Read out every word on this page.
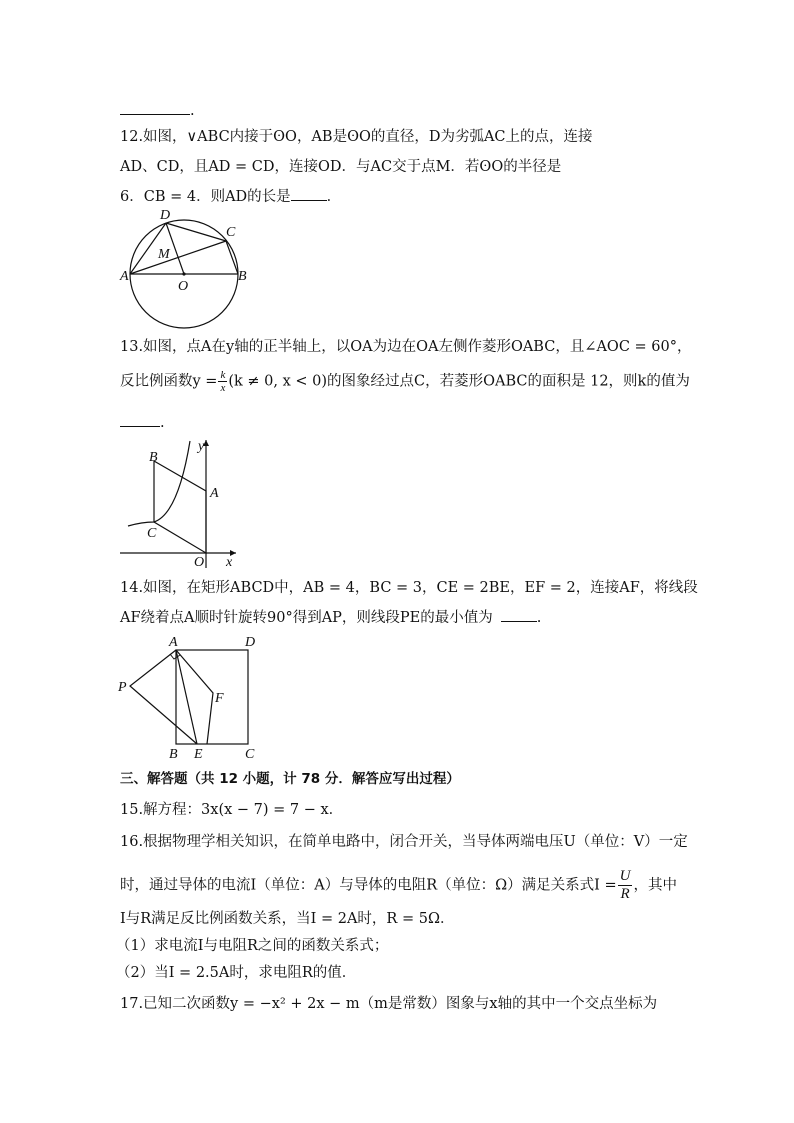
.
12.如图，∨ABC内接于ʘO，AB是ʘO的直径，D为劣弧AC上的点，连接
AD、CD，且AD = CD，连接OD．与AC交于点M．若ʘO的半径是
6．CB = 4．则AD的长是 ．
D
C
M
A
O
B
13.如图，点A在y轴的正半轴上，以OA为边在OA左侧作菱形OABC，且∠AOC = 60°，
反比例函数$y = \frac{k}{x} (k \ne 0$, x < 0)的图象经过点C，若菱形OABC的面积是 12，则k的值为
.
y
B
A
C
O x
14.如图，在矩形ABCD中，AB = 4，BC = 3，CE = 2BE，EF = 2，连接AF，将线段
AF绕着点A顺时针旋转90°得到AP，则线段PE的最小值为	.
A	D
P
F
B E	C
三、解答题（共 12 小题，计 78 分．解答应写出过程）
15.解方程：3x(x − 7) = 7 − x．
16.根据物理学相关知识，在简单电路中，闭合开关，当导体两端电压U（单位：V）一定
时，通过导体的电流I（单位：A）与导体的电阻R（单位：Ω）满足关系式$I = \frac{U}{R}$ ，其中
I与R满足反比例函数关系，当I = 2A时，R = 5Ω．
（1）求电流I与电阻R之间的函数关系式；
（2）当I = 2.5A时，求电阻R的值．
17.已知二次函数y = −x² + 2x − m（m是常数）图象与x轴的其中一个交点坐标为
